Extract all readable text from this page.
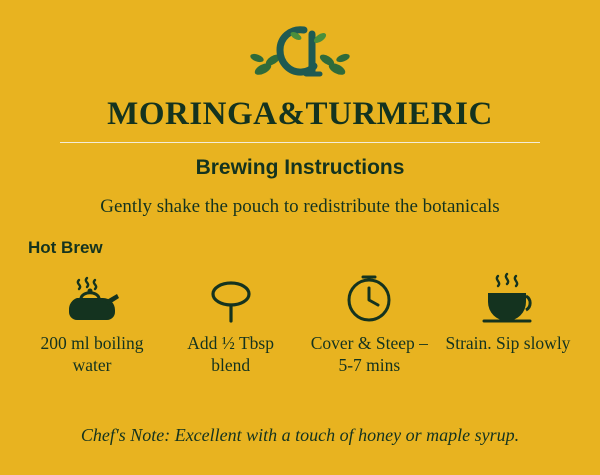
MORINGA&TURMERIC
Brewing Instructions
Gently shake the pouch to redistribute the botanicals
Hot Brew
200 ml boiling water
Add ½ Tbsp blend
Cover & Steep – 5-7 mins
Strain. Sip slowly
Chef's Note: Excellent with a touch of honey or maple syrup.
